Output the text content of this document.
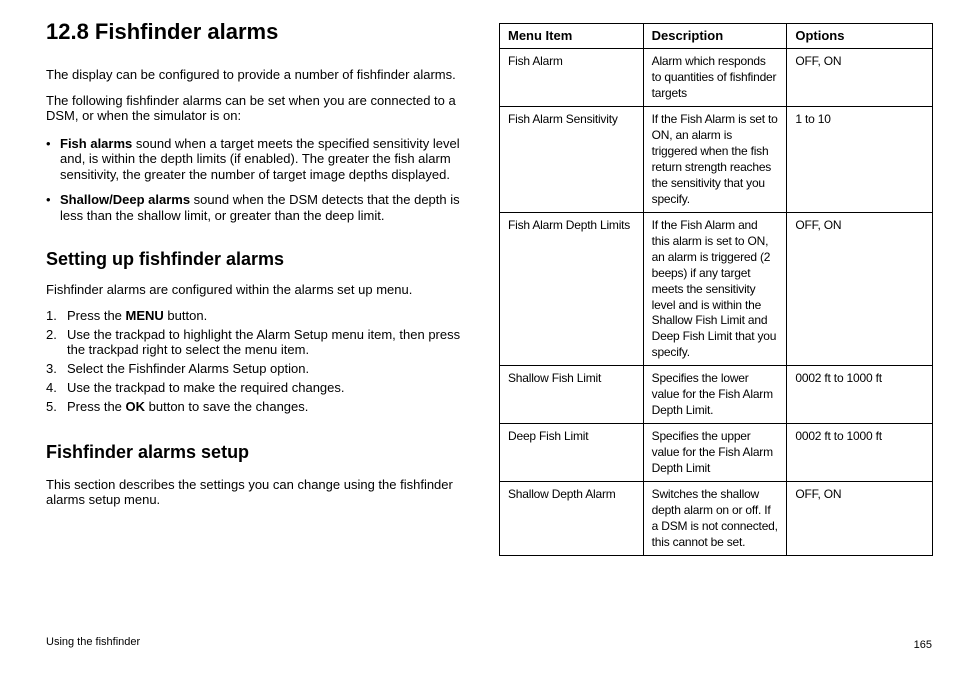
12.8 Fishfinder alarms

The display can be configured to provide a number of fishfinder alarms.

The following fishfinder alarms can be set when you are connected to a DSM, or when the simulator is on:

• Fish alarms sound when a target meets the specified sensitivity level and, is within the depth limits (if enabled). The greater the fish alarm sensitivity, the greater the number of target image depths displayed.
• Shallow/Deep alarms sound when the DSM detects that the depth is less than the shallow limit, or greater than the deep limit.
Setting up fishfinder alarms

Fishfinder alarms are configured within the alarms set up menu.

1. Press the MENU button.
2. Use the trackpad to highlight the Alarm Setup menu item, then press the trackpad right to select the menu item.
3. Select the Fishfinder Alarms Setup option.
4. Use the trackpad to make the required changes.
5. Press the OK button to save the changes.
Fishfinder alarms setup

This section describes the settings you can change using the fishfinder alarms setup menu.

Menu Item	Description	Options
Fish Alarm	Alarm which responds to quantities of fishfinder targets	OFF, ON
Fish Alarm Sensitivity	If the Fish Alarm is set to ON, an alarm is triggered when the fish return strength reaches the sensitivity that you specify.	1 to 10
Fish Alarm Depth Limits	If the Fish Alarm and this alarm is set to ON, an alarm is triggered (2 beeps) if any target meets the sensitivity level and is within the Shallow Fish Limit and Deep Fish Limit that you specify.	OFF, ON
Shallow Fish Limit	Specifies the lower value for the Fish Alarm Depth Limit.	0002 ft to 1000 ft
Deep Fish Limit	Specifies the upper value for the Fish Alarm Depth Limit	0002 ft to 1000 ft
Shallow Depth Alarm	Switches the shallow depth alarm on or off. If a DSM is not connected, this cannot be set.	OFF, ON
Using the fishfinder	165
